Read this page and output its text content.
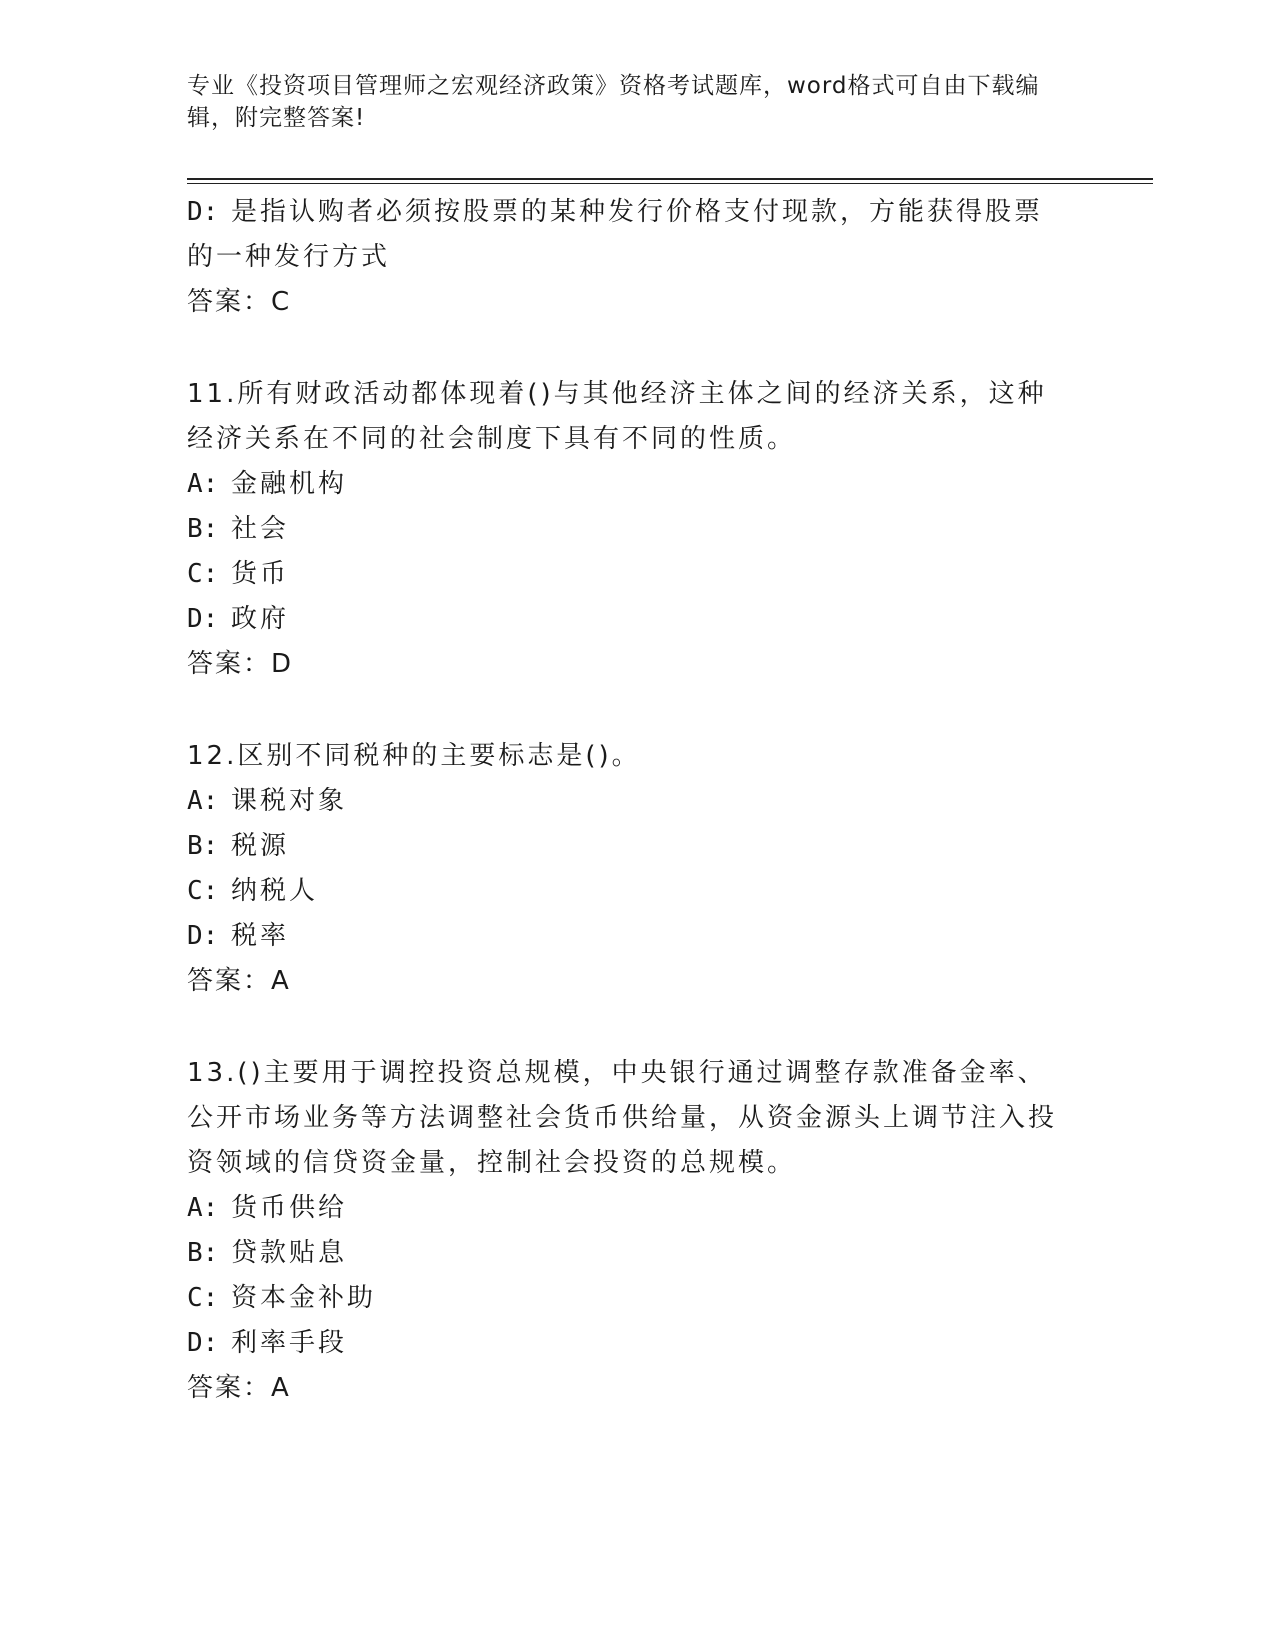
专业《投资项目管理师之宏观经济政策》资格考试题库，word格式可自由下载编辑，附完整答案!
D: 是指认购者必须按股票的某种发行价格支付现款，方能获得股票的一种发行方式
答案：C
11.所有财政活动都体现着()与其他经济主体之间的经济关系，这种经济关系在不同的社会制度下具有不同的性质。
A: 金融机构
B: 社会
C: 货币
D: 政府
答案：D
12.区别不同税种的主要标志是()。
A: 课税对象
B: 税源
C: 纳税人
D: 税率
答案：A
13.()主要用于调控投资总规模，中央银行通过调整存款准备金率、公开市场业务等方法调整社会货币供给量，从资金源头上调节注入投资领域的信贷资金量，控制社会投资的总规模。
A: 货币供给
B: 贷款贴息
C: 资本金补助
D: 利率手段
答案：A
